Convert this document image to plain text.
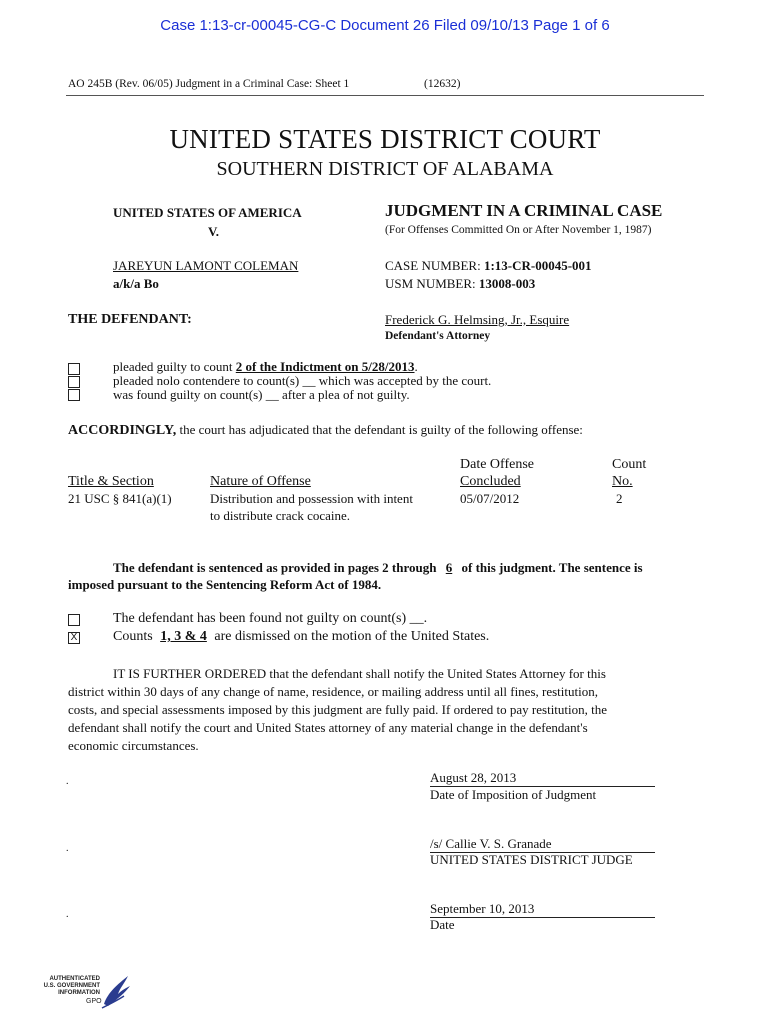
Case 1:13-cr-00045-CG-C Document 26 Filed 09/10/13 Page 1 of 6
AO 245B (Rev. 06/05) Judgment in a Criminal Case: Sheet 1	(12632)
UNITED STATES DISTRICT COURT
SOUTHERN DISTRICT OF ALABAMA
UNITED STATES OF AMERICA
V.
JAREYUN LAMONT COLEMAN
a/k/a Bo
THE DEFENDANT:
JUDGMENT IN A CRIMINAL CASE
(For Offenses Committed On or After November 1, 1987)
CASE NUMBER: 1:13-CR-00045-001
USM NUMBER: 13008-003
Frederick G. Helmsing, Jr., Esquire
Defendant's Attorney
pleaded guilty to count 2 of the Indictment on 5/28/2013.
pleaded nolo contendere to count(s) __ which was accepted by the court.
was found guilty on count(s) __ after a plea of not guilty.
ACCORDINGLY, the court has adjudicated that the defendant is guilty of the following offense:
Date Offense	Count
Title & Section	Nature of Offense	Concluded	No.
21 USC § 841(a)(1)	Distribution and possession with intent
to distribute crack cocaine.
05/07/2012	2
The defendant is sentenced as provided in pages 2 through 6 of this judgment. The sentence is
imposed pursuant to the Sentencing Reform Act of 1984.
The defendant has been found not guilty on count(s) __.
X	Counts 1, 3 & 4 are dismissed on the motion of the United States.
IT IS FURTHER ORDERED that the defendant shall notify the United States Attorney for this
district within 30 days of any change of name, residence, or mailing address until all fines, restitution,
costs, and special assessments imposed by this judgment are fully paid. If ordered to pay restitution, the
defendant shall notify the court and United States attorney of any material change in the defendant's
economic circumstances.
.	August 28, 2013
Date of Imposition of Judgment
.	/s/ Callie V. S. Granade
UNITED STATES DISTRICT JUDGE
.	September 10, 2013
Date
AUTHENTICATED
U.S. GOVERNMENT
INFORMATION
GPO
